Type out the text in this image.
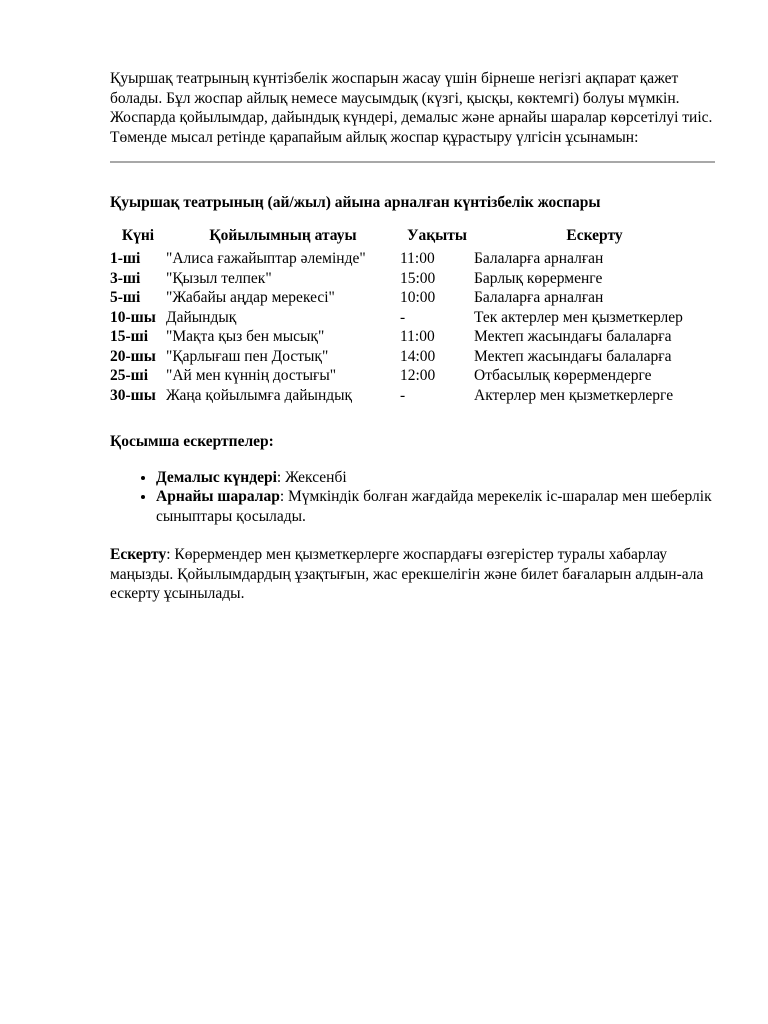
Қуыршақ театрының күнтізбелік жоспарын жасау үшін бірнеше негізгі ақпарат қажет болады. Бұл жоспар айлық немесе маусымдық (күзгі, қысқы, көктемгі) болуы мүмкін. Жоспарда қойылымдар, дайындық күндері, демалыс және арнайы шаралар көрсетілуі тиіс. Төменде мысал ретінде қарапайым айлық жоспар құрастыру үлгісін ұсынамын:

Қуыршақ театрының (ай/жыл) айына арналған күнтізбелік жоспары

Күні	Қойылымның атауы	Уақыты	Ескерту
1-ші	"Алиса ғажайыптар әлемінде"	11:00	Балаларға арналған
3-ші	"Қызыл телпек"	15:00	Барлық көрерменге
5-ші	"Жабайы аңдар мерекесі"	10:00	Балаларға арналған
10-шы	Дайындық	-	Тек актерлер мен қызметкерлер
15-ші	"Мақта қыз бен мысық"	11:00	Мектеп жасындағы балаларға
20-шы	"Қарлығаш пен Достық"	14:00	Мектеп жасындағы балаларға
25-ші	"Ай мен күннің достығы"	12:00	Отбасылық көрермендерге
30-шы	Жаңа қойылымға дайындық	-	Актерлер мен қызметкерлерге

Қосымша ескертпелер:

• Демалыс күндері: Жексенбі
• Арнайы шаралар: Мүмкіндік болған жағдайда мерекелік іс-шаралар мен шеберлік сыныптары қосылады.

Ескерту: Көрермендер мен қызметкерлерге жоспардағы өзгерістер туралы хабарлау маңызды. Қойылымдардың ұзақтығын, жас ерекшелігін және билет бағаларын алдын-ала ескерту ұсынылады.
